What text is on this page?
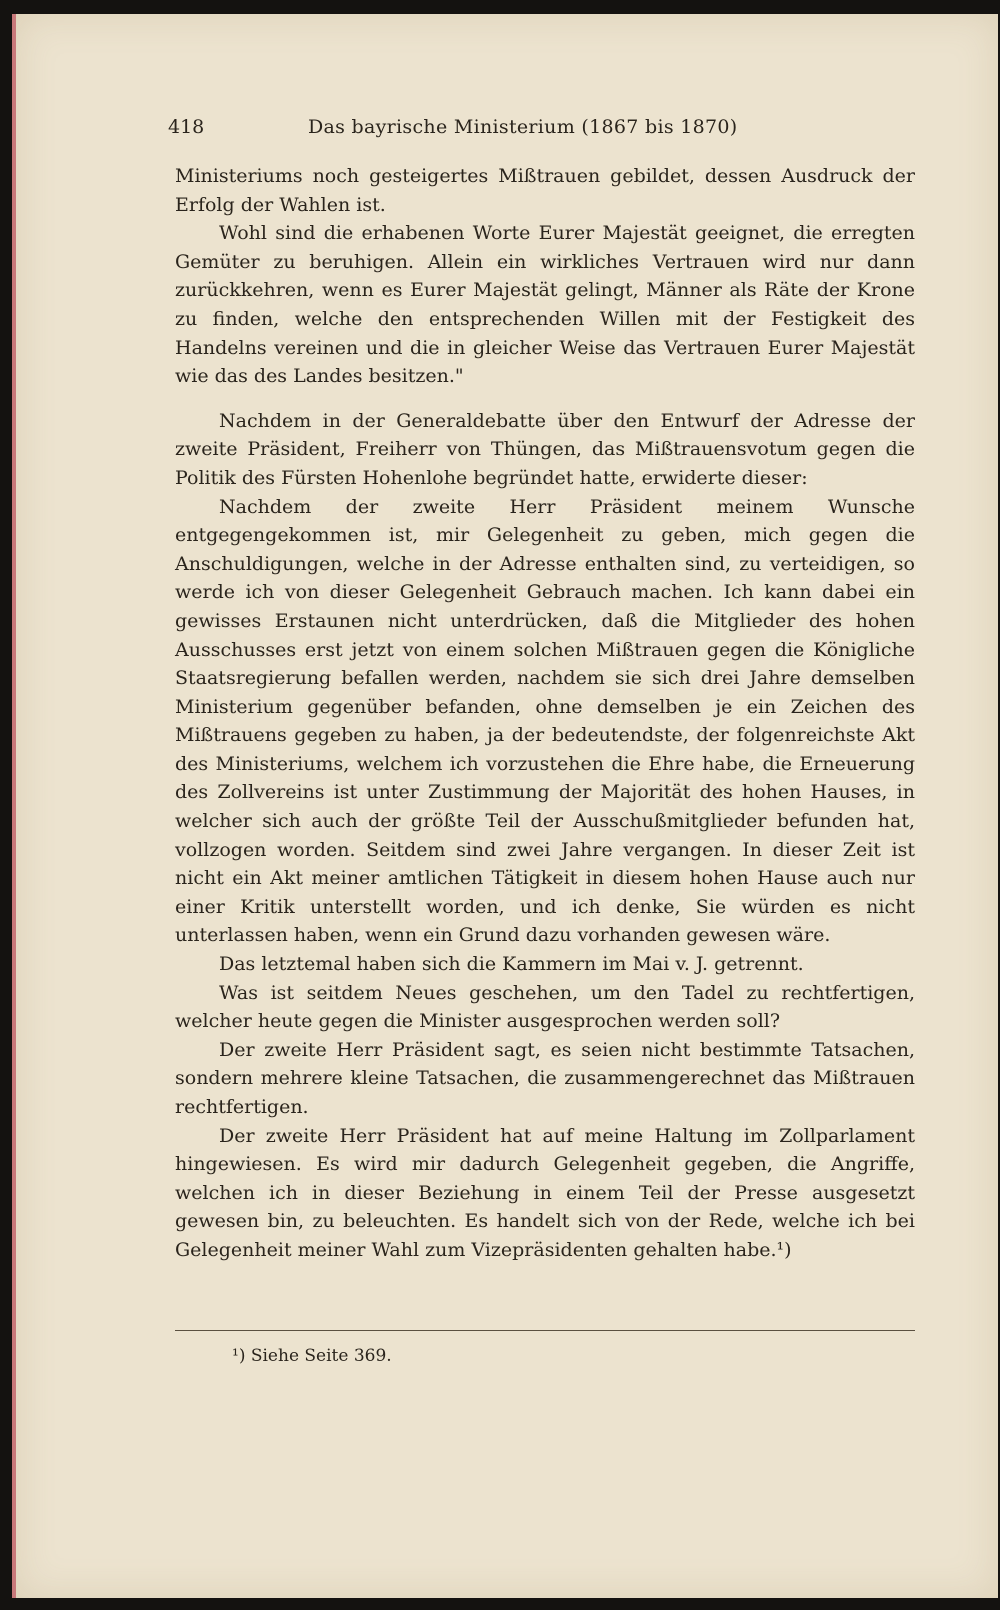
418	Das bayrische Ministerium (1867 bis 1870)

Ministeriums noch gesteigertes Mißtrauen gebildet, dessen Ausdruck der Erfolg der Wahlen ist.

Wohl sind die erhabenen Worte Eurer Majestät geeignet, die erregten Gemüter zu beruhigen. Allein ein wirkliches Vertrauen wird nur dann zurückkehren, wenn es Eurer Majestät gelingt, Männer als Räte der Krone zu finden, welche den entsprechenden Willen mit der Festigkeit des Handelns vereinen und die in gleicher Weise das Vertrauen Eurer Majestät wie das des Landes besitzen."

Nachdem in der Generaldebatte über den Entwurf der Adresse der zweite Präsident, Freiherr von Thüngen, das Mißtrauensvotum gegen die Politik des Fürsten Hohenlohe begründet hatte, erwiderte dieser:

Nachdem der zweite Herr Präsident meinem Wunsche entgegengekommen ist, mir Gelegenheit zu geben, mich gegen die Anschuldigungen, welche in der Adresse enthalten sind, zu verteidigen, so werde ich von dieser Gelegenheit Gebrauch machen. Ich kann dabei ein gewisses Erstaunen nicht unterdrücken, daß die Mitglieder des hohen Ausschusses erst jetzt von einem solchen Mißtrauen gegen die Königliche Staatsregierung befallen werden, nachdem sie sich drei Jahre demselben Ministerium gegenüber befanden, ohne demselben je ein Zeichen des Mißtrauens gegeben zu haben, ja der bedeutendste, der folgenreichste Akt des Ministeriums, welchem ich vorzustehen die Ehre habe, die Erneuerung des Zollvereins ist unter Zustimmung der Majorität des hohen Hauses, in welcher sich auch der größte Teil der Ausschußmitglieder befunden hat, vollzogen worden. Seitdem sind zwei Jahre vergangen. In dieser Zeit ist nicht ein Akt meiner amtlichen Tätigkeit in diesem hohen Hause auch nur einer Kritik unterstellt worden, und ich denke, Sie würden es nicht unterlassen haben, wenn ein Grund dazu vorhanden gewesen wäre.

Das letztemal haben sich die Kammern im Mai v. J. getrennt.

Was ist seitdem Neues geschehen, um den Tadel zu rechtfertigen, welcher heute gegen die Minister ausgesprochen werden soll?

Der zweite Herr Präsident sagt, es seien nicht bestimmte Tatsachen, sondern mehrere kleine Tatsachen, die zusammengerechnet das Mißtrauen rechtfertigen.

Der zweite Herr Präsident hat auf meine Haltung im Zollparlament hingewiesen. Es wird mir dadurch Gelegenheit gegeben, die Angriffe, welchen ich in dieser Beziehung in einem Teil der Presse ausgesetzt gewesen bin, zu beleuchten. Es handelt sich von der Rede, welche ich bei Gelegenheit meiner Wahl zum Vizepräsidenten gehalten habe.¹)

¹) Siehe Seite 369.
